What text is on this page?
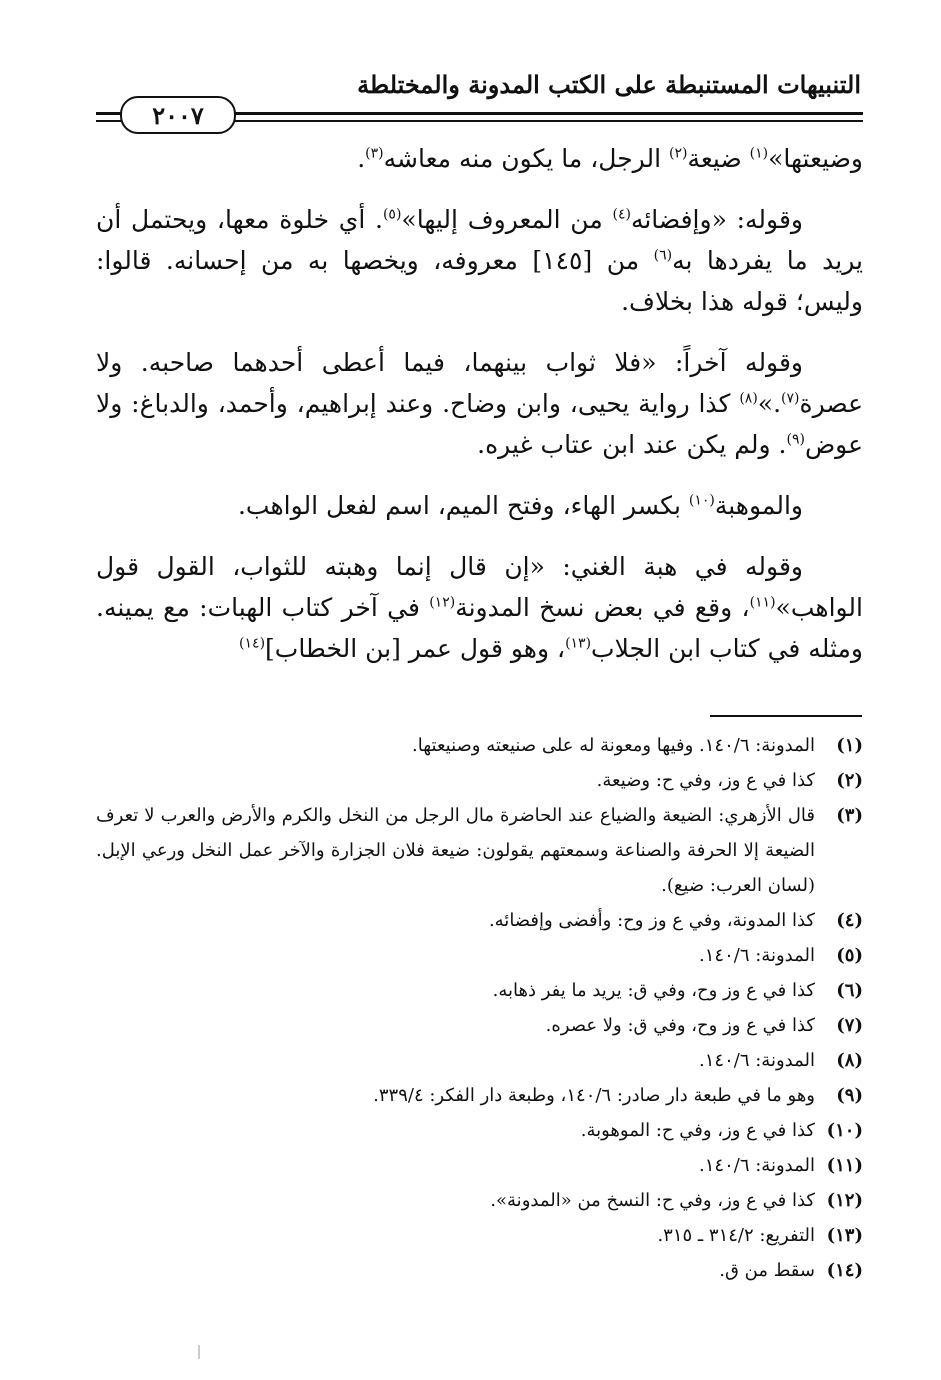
التنبيهات المستنبطة على الكتب المدونة والمختلطة
٢٠٠٧

وضيعتها»$^{(١)}$ ضيعة$^{(٢)}$ الرجل، ما يكون منه معاشه$^{(٣)}$.

وقوله: «وإفضائه$^{(٤)}$ من المعروف إليها»$^{(٥)}$. أي خلوة معها، ويحتمل أن يريد ما يفردها به$^{(٦)}$ من [١٤٥] معروفه، ويخصها به من إحسانه. قالوا: وليس؛ قوله هذا بخلاف.

وقوله آخراً: «فلا ثواب بينهما، فيما أعطى أحدهما صاحبه. ولا عصرة$^{(٧)}$.»$^{(٨)}$ كذا رواية يحيى، وابن وضاح. وعند إبراهيم، وأحمد، والدباغ: ولا عوض$^{(٩)}$. ولم يكن عند ابن عتاب غيره.

والموهبة$^{(١٠)}$ بكسر الهاء، وفتح الميم، اسم لفعل الواهب.

وقوله في هبة الغني: «إن قال إنما وهبته للثواب، القول قول الواهب»$^{(١١)}$، وقع في بعض نسخ المدونة$^{(١٢)}$ في آخر كتاب الهبات: مع يمينه. ومثله في كتاب ابن الجلاب$^{(١٣)}$، وهو قول عمر [بن الخطاب]$^{(١٤)}$

(١)
المدونة: ١٤٠/٦. وفيها ومعونة له على صنيعته وصنيعتها.
(٢)
كذا في ع وز، وفي ح: وضيعة.
(٣)
قال الأزهري: الضيعة والضياع عند الحاضرة مال الرجل من النخل والكرم والأرض والعرب لا تعرف الضيعة إلا الحرفة والصناعة وسمعتهم يقولون: ضيعة فلان الجزارة والآخر عمل النخل ورعي الإبل. (لسان العرب: ضيع).
(٤)
كذا المدونة، وفي ع وز وح: وأفضى وإفضائه.
(٥)
المدونة: ١٤٠/٦.
(٦)
كذا في ع وز وح، وفي ق: يريد ما يفر ذهابه.
(٧)
كذا في ع وز وح، وفي ق: ولا عصره.
(٨)
المدونة: ١٤٠/٦.
(٩)
وهو ما في طبعة دار صادر: ١٤٠/٦، وطبعة دار الفكر: ٣٣٩/٤.
(١٠)
كذا في ع وز، وفي ح: الموهوبة.
(١١)
المدونة: ١٤٠/٦.
(١٢)
كذا في ع وز، وفي ح: النسخ من «المدونة».
(١٣)
التفريع: ٣١٤/٢ ـ ٣١٥.
(١٤)
سقط من ق.
